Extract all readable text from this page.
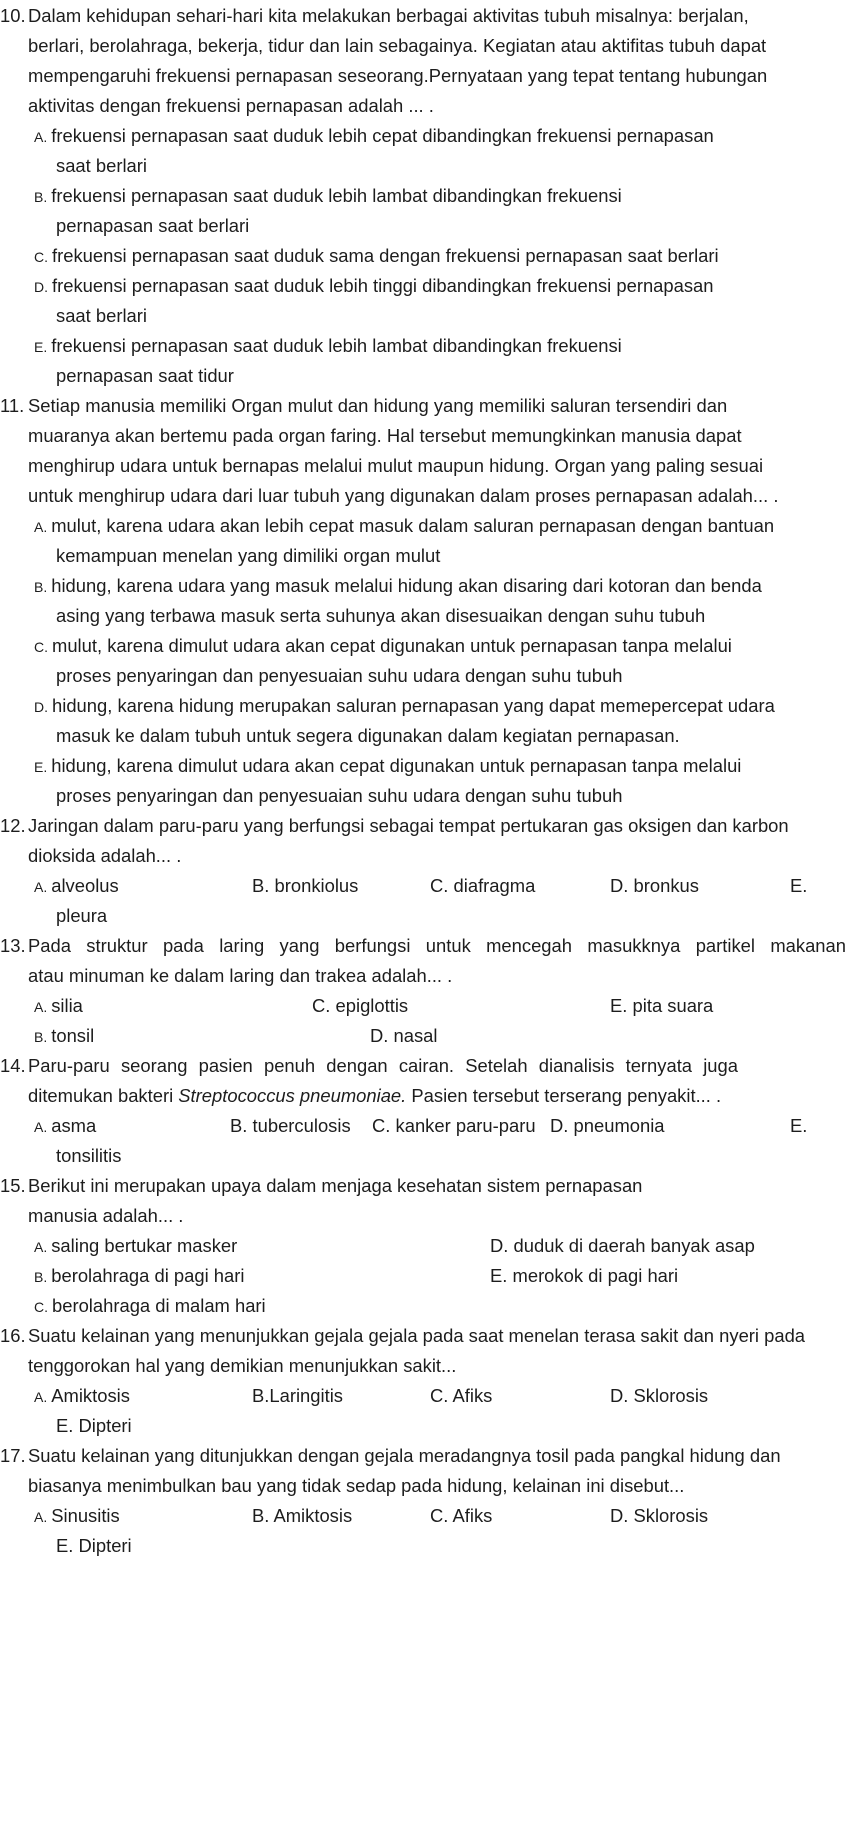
10. Dalam kehidupan sehari-hari kita melakukan berbagai aktivitas tubuh misalnya: berjalan,
berlari, berolahraga, bekerja, tidur dan lain sebagainya. Kegiatan atau aktifitas tubuh dapat
mempengaruhi frekuensi pernapasan seseorang.Pernyataan yang tepat tentang hubungan
aktivitas dengan frekuensi pernapasan adalah ... .
A. frekuensi pernapasan saat duduk lebih cepat dibandingkan frekuensi pernapasan
saat berlari
B. frekuensi pernapasan saat duduk lebih lambat dibandingkan frekuensi
pernapasan saat berlari
C. frekuensi pernapasan saat duduk sama dengan frekuensi pernapasan saat berlari
D. frekuensi pernapasan saat duduk lebih tinggi dibandingkan frekuensi pernapasan
saat berlari
E. frekuensi pernapasan saat duduk lebih lambat dibandingkan frekuensi
pernapasan saat tidur
11. Setiap manusia memiliki Organ mulut dan hidung yang memiliki saluran tersendiri dan
muaranya akan bertemu pada organ faring. Hal tersebut memungkinkan manusia dapat
menghirup udara untuk bernapas melalui mulut maupun hidung. Organ yang paling sesuai
untuk menghirup udara dari luar tubuh yang digunakan dalam proses pernapasan adalah... .
A. mulut, karena udara akan lebih cepat masuk dalam saluran pernapasan dengan bantuan
kemampuan menelan yang dimiliki organ mulut
B. hidung, karena udara yang masuk melalui hidung akan disaring dari kotoran dan benda
asing yang terbawa masuk serta suhunya akan disesuaikan dengan suhu tubuh
C. mulut, karena dimulut udara akan cepat digunakan untuk pernapasan tanpa melalui
proses penyaringan dan penyesuaian suhu udara dengan suhu tubuh
D. hidung, karena hidung merupakan saluran pernapasan yang dapat memepercepat udara
masuk ke dalam tubuh untuk segera digunakan dalam kegiatan pernapasan.
E. hidung, karena dimulut udara akan cepat digunakan untuk pernapasan tanpa melalui
proses penyaringan dan penyesuaian suhu udara dengan suhu tubuh
12. Jaringan dalam paru-paru yang berfungsi sebagai tempat pertukaran gas oksigen dan karbon
dioksida adalah... .
A. alveolus	B. bronkiolus	C. diafragma	D. bronkus	E.
pleura
13. Pada struktur pada laring yang berfungsi untuk mencegah masukknya partikel makanan
atau minuman ke dalam laring dan trakea adalah... .
A. silia	C. epiglottis	E. pita suara
B. tonsil	D. nasal
14. Paru-paru seorang pasien penuh dengan cairan. Setelah dianalisis ternyata juga
ditemukan bakteri Streptococcus pneumoniae. Pasien tersebut terserang penyakit... .
A. asma	B. tuberculosis C. kanker paru-paru D. pneumonia	E.
tonsilitis
15. Berikut ini merupakan upaya dalam menjaga kesehatan sistem pernapasan
manusia adalah... .
A. saling bertukar masker	D. duduk di daerah banyak asap
B. berolahraga di pagi hari	E. merokok di pagi hari
C. berolahraga di malam hari
16. Suatu kelainan yang menunjukkan gejala gejala pada saat menelan terasa sakit dan nyeri pada
tenggorokan hal yang demikian menunjukkan sakit...
A. Amiktosis	B.Laringitis	C. Afiks	D. Sklorosis
E. Dipteri
17. Suatu kelainan yang ditunjukkan dengan gejala meradangnya tosil pada pangkal hidung dan
biasanya menimbulkan bau yang tidak sedap pada hidung, kelainan ini disebut...
A. Sinusitis	B. Amiktosis	C. Afiks	D. Sklorosis
E. Dipteri
